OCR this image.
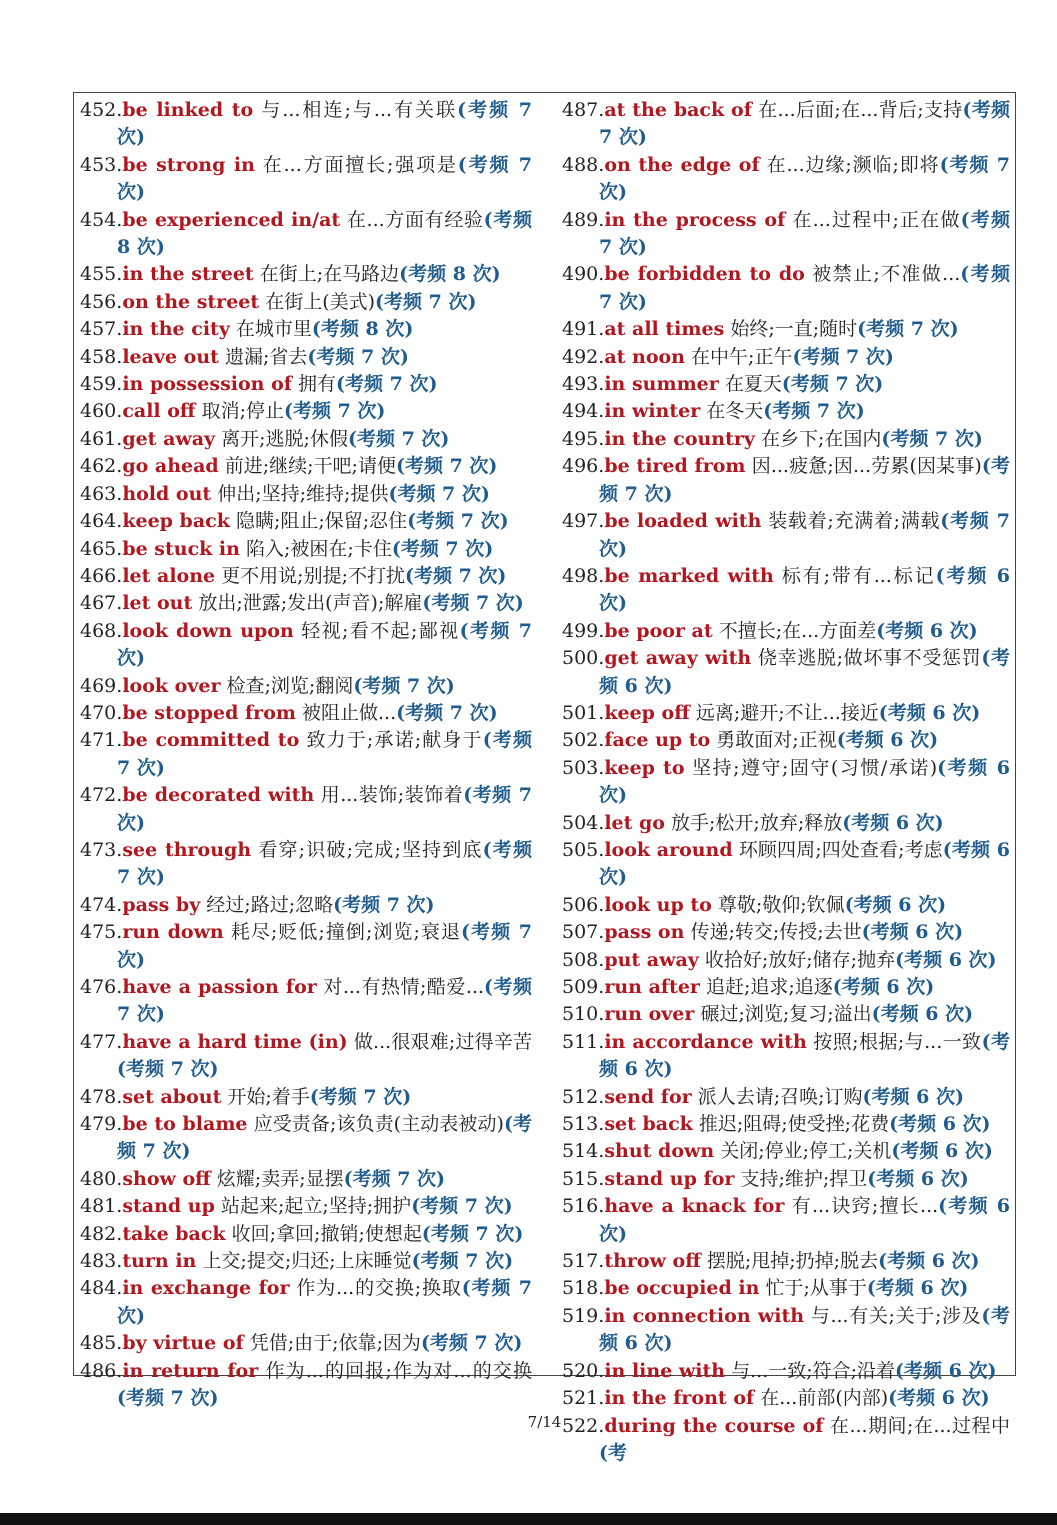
452.be linked to 与...相连;与...有关联(考频 7 次)
453.be strong in 在...方面擅长;强项是(考频 7 次)
454.be experienced in/at 在...方面有经验(考频 8 次)
455.in the street 在街上;在马路边(考频 8 次)
456.on the street 在街上(美式)(考频 7 次)
457.in the city 在城市里(考频 8 次)
458.leave out 遗漏;省去(考频 7 次)
459.in possession of 拥有(考频 7 次)
460.call off 取消;停止(考频 7 次)
461.get away 离开;逃脱;休假(考频 7 次)
462.go ahead 前进;继续;干吧;请便(考频 7 次)
463.hold out 伸出;坚持;维持;提供(考频 7 次)
464.keep back 隐瞒;阻止;保留;忍住(考频 7 次)
465.be stuck in 陷入;被困在;卡住(考频 7 次)
466.let alone 更不用说;别提;不打扰(考频 7 次)
467.let out 放出;泄露;发出(声音);解雇(考频 7 次)
468.look down upon 轻视;看不起;鄙视(考频 7 次)
469.look over 检查;浏览;翻阅(考频 7 次)
470.be stopped from 被阻止做...(考频 7 次)
471.be committed to 致力于;承诺;献身于(考频 7 次)
472.be decorated with 用...装饰;装饰着(考频 7 次)
473.see through 看穿;识破;完成;坚持到底(考频 7 次)
474.pass by 经过;路过;忽略(考频 7 次)
475.run down 耗尽;贬低;撞倒;浏览;衰退(考频 7 次)
476.have a passion for 对...有热情;酷爱...(考频 7 次)
477.have a hard time (in) 做...很艰难;过得辛苦(考频 7 次)
478.set about 开始;着手(考频 7 次)
479.be to blame 应受责备;该负责(主动表被动)(考频 7 次)
480.show off 炫耀;卖弄;显摆(考频 7 次)
481.stand up 站起来;起立;坚持;拥护(考频 7 次)
482.take back 收回;拿回;撤销;使想起(考频 7 次)
483.turn in 上交;提交;归还;上床睡觉(考频 7 次)
484.in exchange for 作为...的交换;换取(考频 7 次)
485.by virtue of 凭借;由于;依靠;因为(考频 7 次)
486.in return for 作为...的回报;作为对...的交换(考频 7 次)
487.at the back of 在...后面;在...背后;支持(考频 7 次)
488.on the edge of 在...边缘;濒临;即将(考频 7 次)
489.in the process of 在...过程中;正在做(考频 7 次)
490.be forbidden to do 被禁止;不准做...(考频 7 次)
491.at all times 始终;一直;随时(考频 7 次)
492.at noon 在中午;正午(考频 7 次)
493.in summer 在夏天(考频 7 次)
494.in winter 在冬天(考频 7 次)
495.in the country 在乡下;在国内(考频 7 次)
496.be tired from 因...疲惫;因...劳累(因某事)(考频 7 次)
497.be loaded with 装载着;充满着;满载(考频 7 次)
498.be marked with 标有;带有...标记(考频 6 次)
499.be poor at 不擅长;在...方面差(考频 6 次)
500.get away with 侥幸逃脱;做坏事不受惩罚(考频 6 次)
501.keep off 远离;避开;不让...接近(考频 6 次)
502.face up to 勇敢面对;正视(考频 6 次)
503.keep to 坚持;遵守;固守(习惯/承诺)(考频 6 次)
504.let go 放手;松开;放弃;释放(考频 6 次)
505.look around 环顾四周;四处查看;考虑(考频 6 次)
506.look up to 尊敬;敬仰;钦佩(考频 6 次)
507.pass on 传递;转交;传授;去世(考频 6 次)
508.put away 收拾好;放好;储存;抛弃(考频 6 次)
509.run after 追赶;追求;追逐(考频 6 次)
510.run over 碾过;浏览;复习;溢出(考频 6 次)
511.in accordance with 按照;根据;与...一致(考频 6 次)
512.send for 派人去请;召唤;订购(考频 6 次)
513.set back 推迟;阻碍;使受挫;花费(考频 6 次)
514.shut down 关闭;停业;停工;关机(考频 6 次)
515.stand up for 支持;维护;捍卫(考频 6 次)
516.have a knack for 有...诀窍;擅长...(考频 6 次)
517.throw off 摆脱;甩掉;扔掉;脱去(考频 6 次)
518.be occupied in 忙于;从事于(考频 6 次)
519.in connection with 与...有关;关于;涉及(考频 6 次)
520.in line with 与...一致;符合;沿着(考频 6 次)
521.in the front of 在...前部(内部)(考频 6 次)
522.during the course of 在...期间;在...过程中(考
7/14
